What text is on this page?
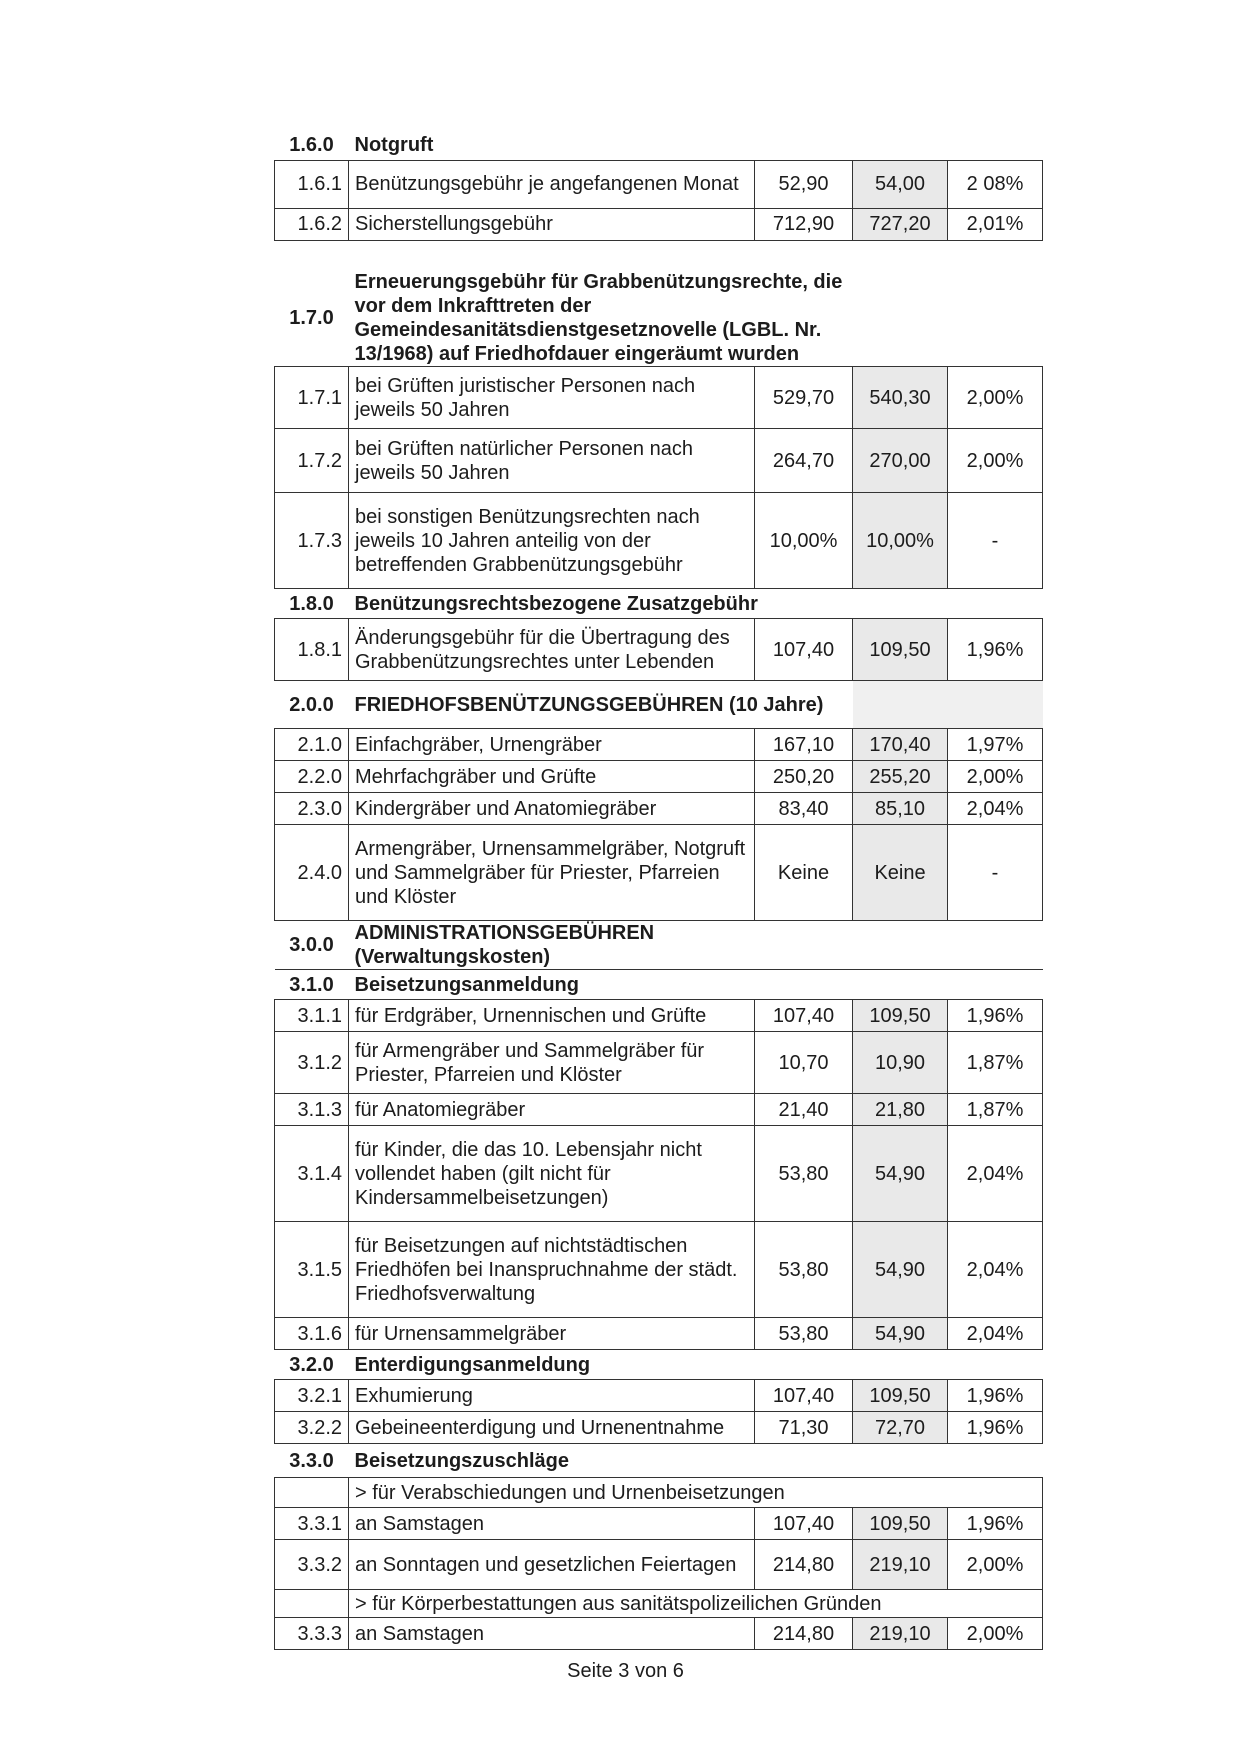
1.6.0	Notgruft			
1.6.1	Benützungsgebühr je angefangenen Monat	52,90	54,00	2 08%
1.6.2	Sicherstellungsgebühr	712,90	727,20	2,01%

1.7.0	Erneuerungsgebühr für Grabbenützungsrechte, die vor dem Inkrafttreten der Gemeindesanitätsdienstgesetznovelle (LGBL. Nr. 13/1968) auf Friedhofdauer eingeräumt wurden			
1.7.1	bei Grüften juristischer Personen nach jeweils 50 Jahren	529,70	540,30	2,00%
1.7.2	bei Grüften natürlicher Personen nach jeweils 50 Jahren	264,70	270,00	2,00%
1.7.3	bei sonstigen Benützungsrechten nach jeweils 10 Jahren anteilig von der betreffenden Grabbenützungsgebühr	10,00%	10,00%	-
1.8.0	Benützungsrechtsbezogene Zusatzgebühr			
1.8.1	Änderungsgebühr für die Übertragung des Grabbenützungsrechtes unter Lebenden	107,40	109,50	1,96%
2.0.0	FRIEDHOFSBENÜTZUNGSGEBÜHREN (10 Jahre)			
2.1.0	Einfachgräber, Urnengräber	167,10	170,40	1,97%
2.2.0	Mehrfachgräber und Grüfte	250,20	255,20	2,00%
2.3.0	Kindergräber und Anatomiegräber	83,40	85,10	2,04%
2.4.0	Armengräber, Urnensammelgräber, Notgruft und Sammelgräber für Priester, Pfarreien und Klöster	Keine	Keine	-
3.0.0	ADMINISTRATIONSGEBÜHREN (Verwaltungskosten)			
3.1.0	Beisetzungsanmeldung			
3.1.1	für Erdgräber, Urnennischen und Grüfte	107,40	109,50	1,96%
3.1.2	für Armengräber und Sammelgräber für Priester, Pfarreien und Klöster	10,70	10,90	1,87%
3.1.3	für Anatomiegräber	21,40	21,80	1,87%
3.1.4	für Kinder, die das 10. Lebensjahr nicht vollendet haben (gilt nicht für Kindersammelbeisetzungen)	53,80	54,90	2,04%
3.1.5	für Beisetzungen auf nichtstädtischen Friedhöfen bei Inanspruchnahme der städt. Friedhofsverwaltung	53,80	54,90	2,04%
3.1.6	für Urnensammelgräber	53,80	54,90	2,04%
3.2.0	Enterdigungsanmeldung			
3.2.1	Exhumierung	107,40	109,50	1,96%
3.2.2	Gebeineenterdigung und Urnenentnahme	71,30	72,70	1,96%
3.3.0	Beisetzungszuschläge			
	> für Verabschiedungen und Urnenbeisetzungen			
3.3.1	an Samstagen	107,40	109,50	1,96%
3.3.2	an Sonntagen und gesetzlichen Feiertagen	214,80	219,10	2,00%
	> für Körperbestattungen aus sanitätspolizeilichen Gründen			
3.3.3	an Samstagen	214,80	219,10	2,00%
Seite 3 von 6
